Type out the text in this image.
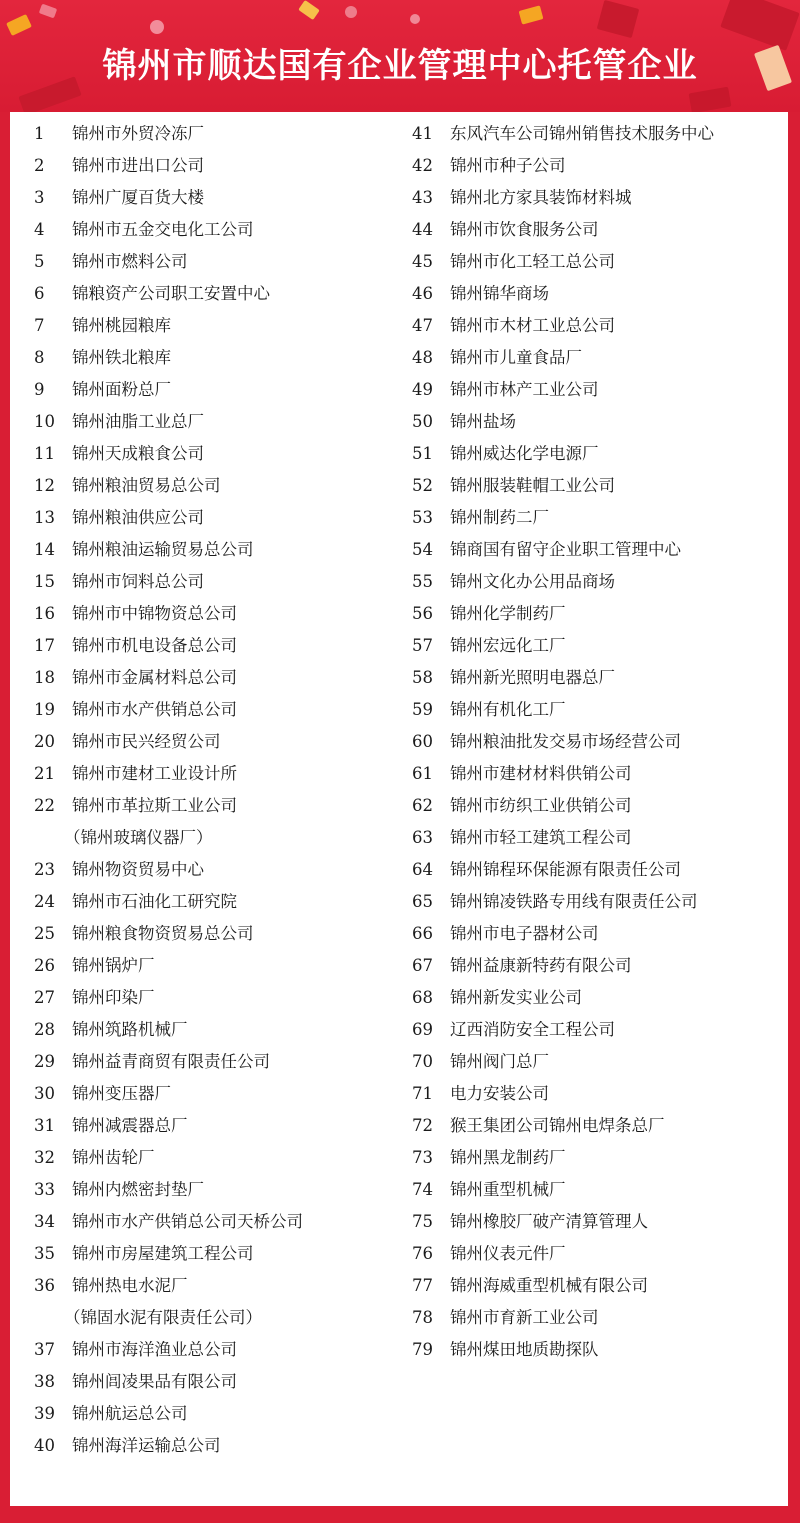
锦州市顺达国有企业管理中心托管企业
1 锦州市外贸冷冻厂
2 锦州市进出口公司
3 锦州广厦百货大楼
4 锦州市五金交电化工公司
5 锦州市燃料公司
6 锦粮资产公司职工安置中心
7 锦州桃园粮库
8 锦州铁北粮库
9 锦州面粉总厂
10 锦州油脂工业总厂
11 锦州天成粮食公司
12 锦州粮油贸易总公司
13 锦州粮油供应公司
14 锦州粮油运输贸易总公司
15 锦州市饲料总公司
16 锦州市中锦物资总公司
17 锦州市机电设备总公司
18 锦州市金属材料总公司
19 锦州市水产供销总公司
20 锦州市民兴经贸公司
21 锦州市建材工业设计所
22 锦州市革拉斯工业公司
（锦州玻璃仪器厂）
23 锦州物资贸易中心
24 锦州市石油化工研究院
25 锦州粮食物资贸易总公司
26 锦州锅炉厂
27 锦州印染厂
28 锦州筑路机械厂
29 锦州益青商贸有限责任公司
30 锦州变压器厂
31 锦州减震器总厂
32 锦州齿轮厂
33 锦州内燃密封垫厂
34 锦州市水产供销总公司天桥公司
35 锦州市房屋建筑工程公司
36 锦州热电水泥厂
（锦固水泥有限责任公司）
37 锦州市海洋渔业总公司
38 锦州闾凌果品有限公司
39 锦州航运总公司
40 锦州海洋运输总公司
41 东风汽车公司锦州销售技术服务中心
42 锦州市种子公司
43 锦州北方家具装饰材料城
44 锦州市饮食服务公司
45 锦州市化工轻工总公司
46 锦州锦华商场
47 锦州市木材工业总公司
48 锦州市儿童食品厂
49 锦州市林产工业公司
50 锦州盐场
51 锦州威达化学电源厂
52 锦州服装鞋帽工业公司
53 锦州制药二厂
54 锦商国有留守企业职工管理中心
55 锦州文化办公用品商场
56 锦州化学制药厂
57 锦州宏远化工厂
58 锦州新光照明电器总厂
59 锦州有机化工厂
60 锦州粮油批发交易市场经营公司
61 锦州市建材材料供销公司
62 锦州市纺织工业供销公司
63 锦州市轻工建筑工程公司
64 锦州锦程环保能源有限责任公司
65 锦州锦凌铁路专用线有限责任公司
66 锦州市电子器材公司
67 锦州益康新特药有限公司
68 锦州新发实业公司
69 辽西消防安全工程公司
70 锦州阀门总厂
71 电力安装公司
72 猴王集团公司锦州电焊条总厂
73 锦州黑龙制药厂
74 锦州重型机械厂
75 锦州橡胶厂破产清算管理人
76 锦州仪表元件厂
77 锦州海威重型机械有限公司
78 锦州市育新工业公司
79 锦州煤田地质勘探队
